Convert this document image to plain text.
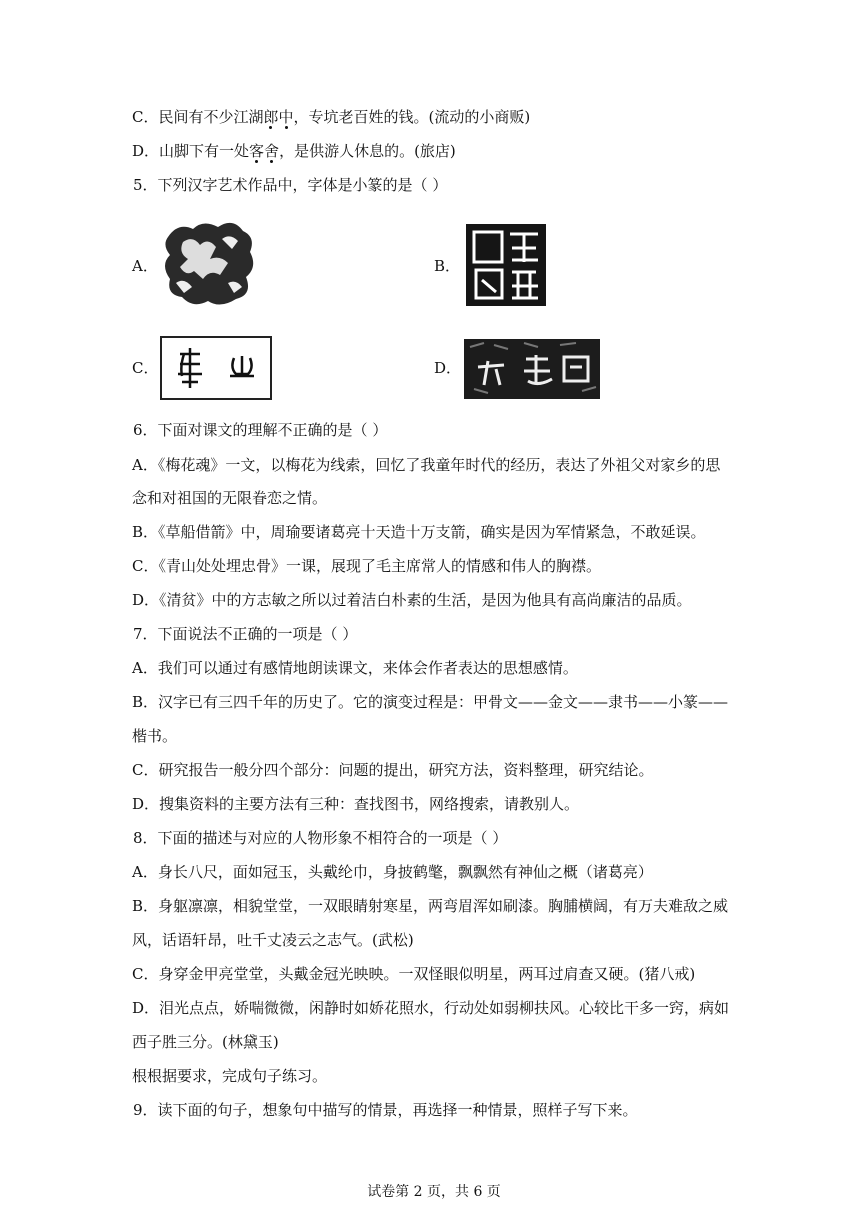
C．民间有不少江湖郎
中
，专坑老百姓的钱。(流动的小商贩)
D．山脚下有一处客
舍
，是供游人休息的。(旅店)
5．下列汉字艺术作品中，字体是小篆的是（ ）
A．	B．
C．	D．
6．下面对课文的理解不正确的是（ ）
A．《梅花魂》一文，以梅花为线索，回忆了我童年时代的经历，表达了外祖父对家乡的思
念和对祖国的无限眷恋之情。
B．《草船借箭》中，周瑜要诸葛亮十天造十万支箭，确实是因为军情紧急，不敢延误。
C．《青山处处埋忠骨》一课，展现了毛主席常人的情感和伟人的胸襟。
D．《清贫》中的方志敏之所以过着洁白朴素的生活，是因为他具有高尚廉洁的品质。
7．下面说法不正确的一项是（ ）
A．我们可以通过有感情地朗读课文，来体会作者表达的思想感情。
B．汉字已有三四千年的历史了。它的演变过程是：甲骨文——金文——隶书——小篆——
楷书。
C．研究报告一般分四个部分：问题的提出，研究方法，资料整理，研究结论。
D．搜集资料的主要方法有三种：查找图书，网络搜索，请教别人。
8．下面的描述与对应的人物形象不相符合的一项是（ ）
A．身长八尺，面如冠玉，头戴纶巾，身披鹤氅，飘飘然有神仙之概（诸葛亮）
B．身躯凛凛，相貌堂堂，一双眼睛射寒星，两弯眉浑如刷漆。胸脯横阔，有万夫难敌之威
风，话语轩昂，吐千丈凌云之志气。(武松)
C．身穿金甲亮堂堂，头戴金冠光映映。一双怪眼似明星，两耳过肩查又硬。(猪八戒)
D．泪光点点，娇喘微微，闲静时如娇花照水，行动处如弱柳扶风。心较比干多一窍，病如
西子胜三分。(林黛玉)
根根据要求，完成句子练习。
9．读下面的句子，想象句中描写的情景，再选择一种情景，照样子写下来。
试卷第 2 页，共 6 页
